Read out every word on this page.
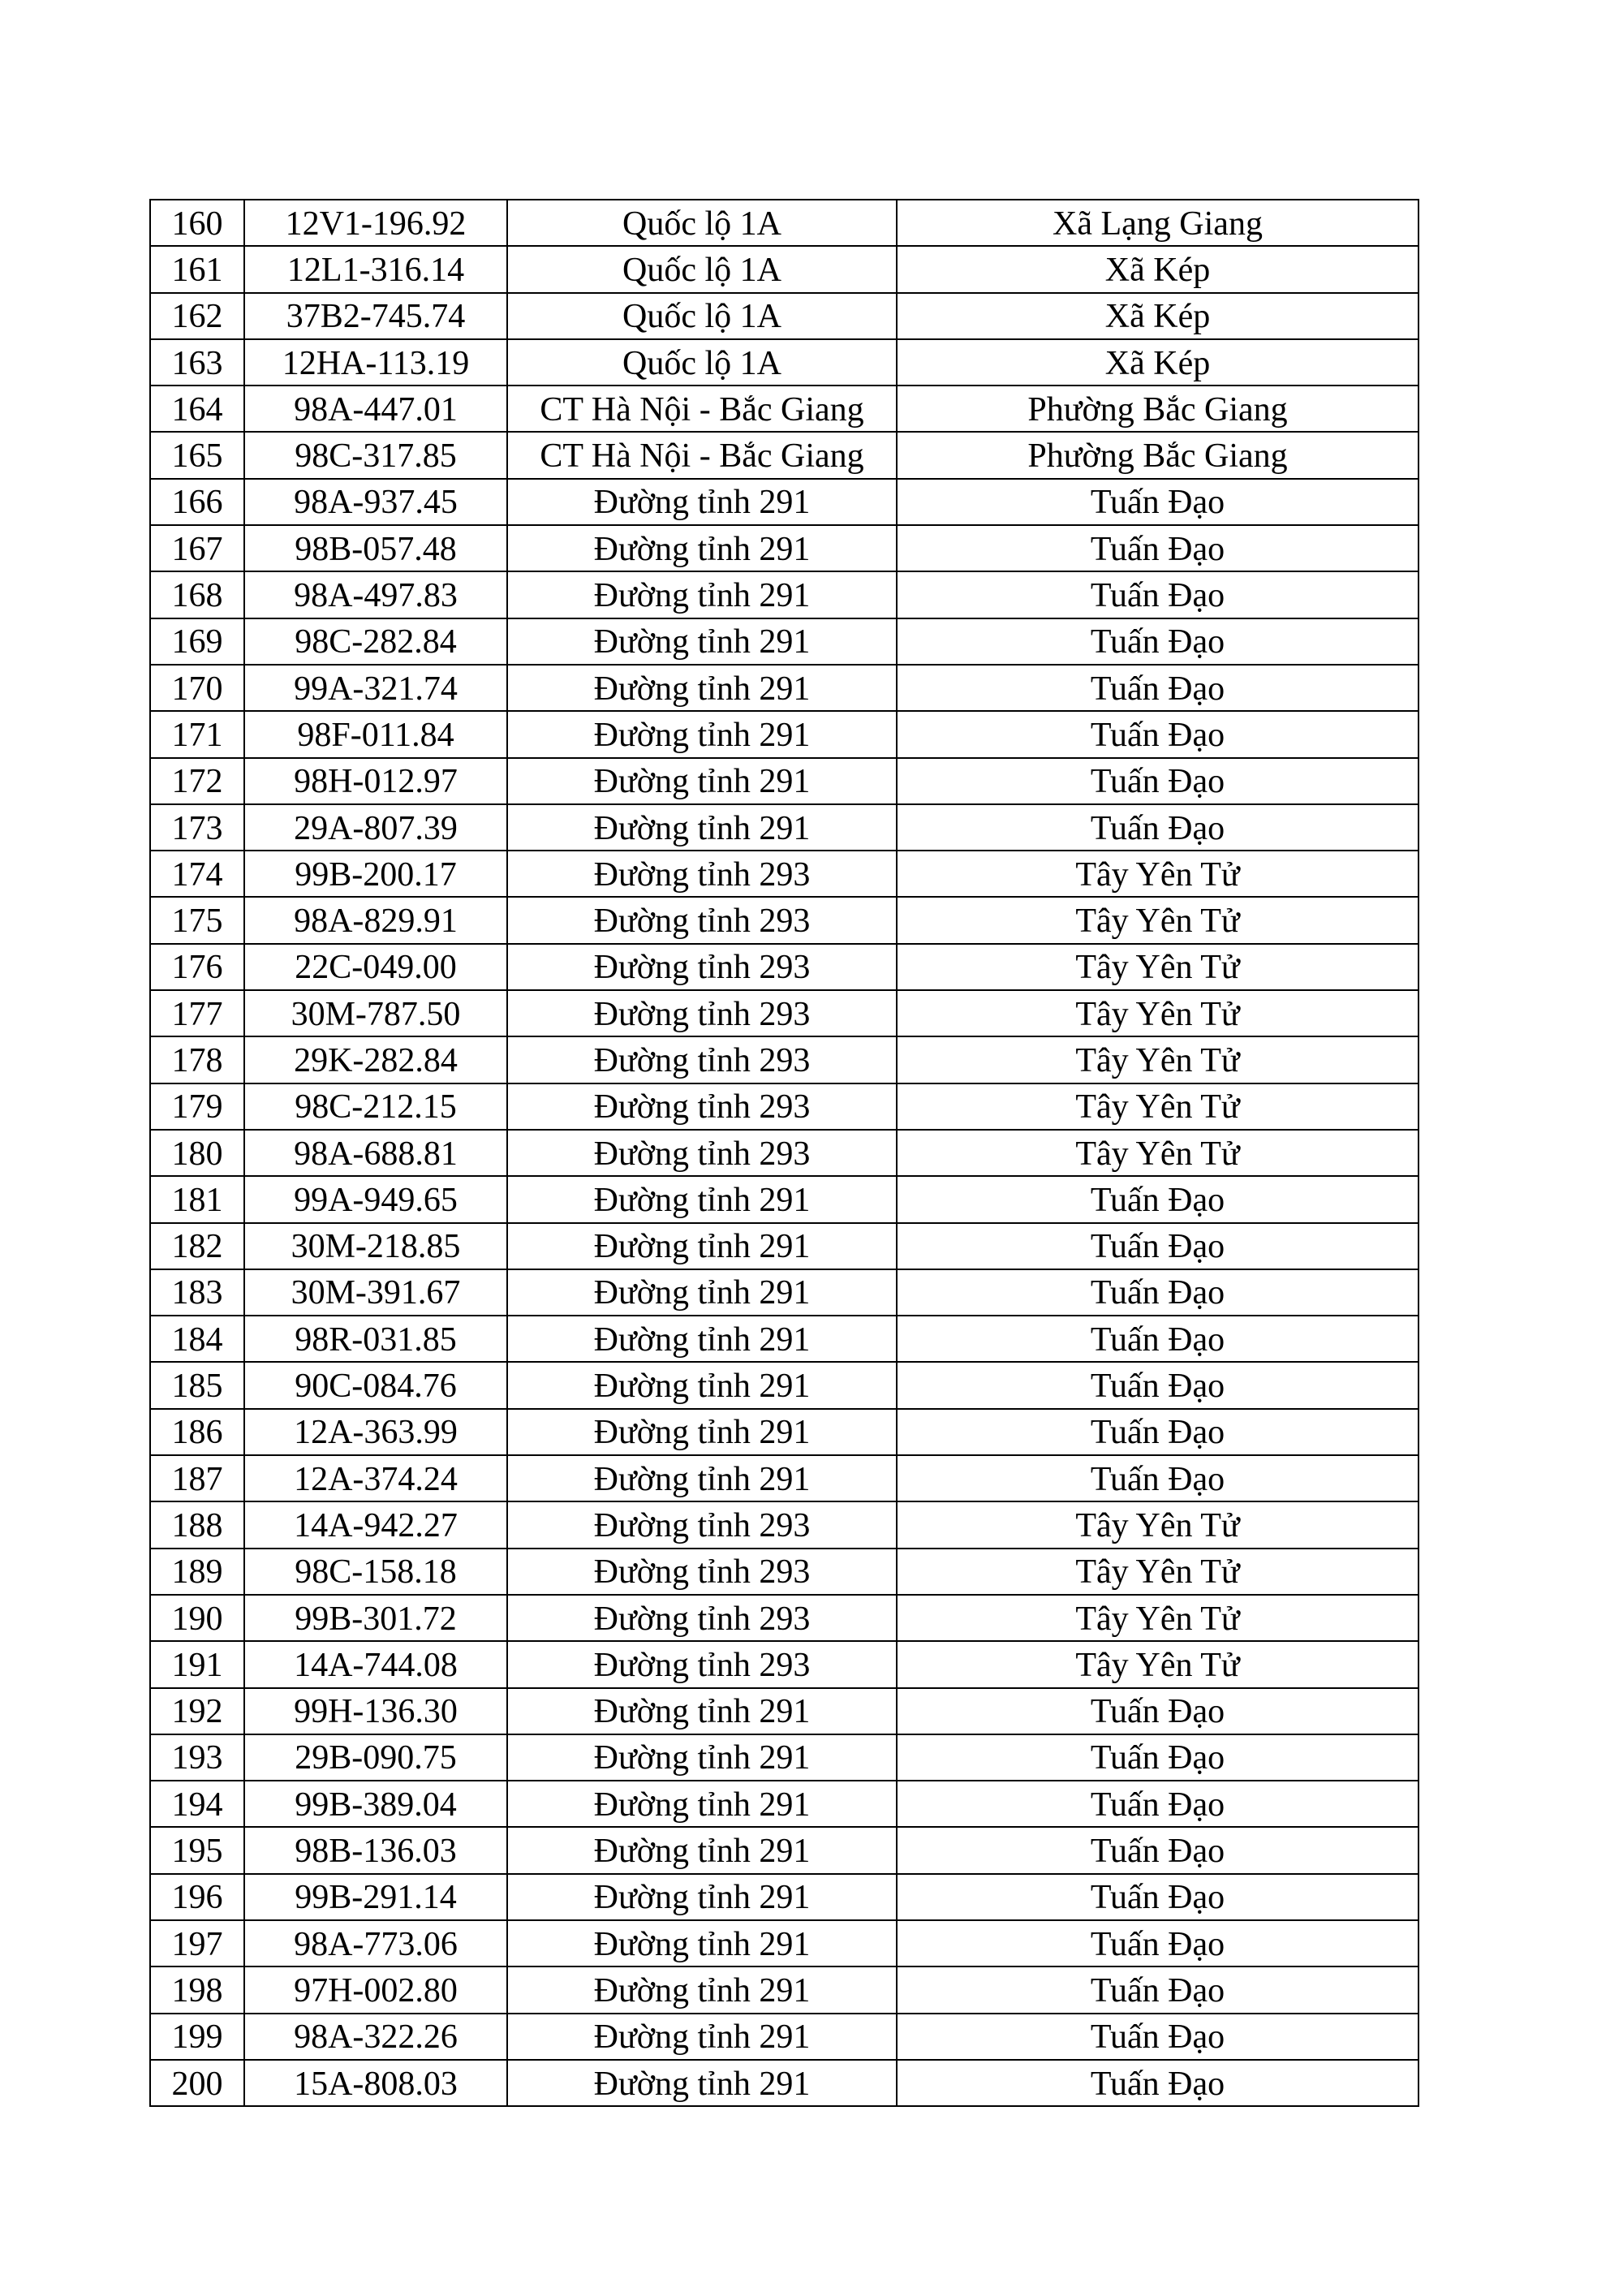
160	12V1-196.92	Quốc lộ 1A	Xã Lạng Giang
161	12L1-316.14	Quốc lộ 1A	Xã Kép
162	37B2-745.74	Quốc lộ 1A	Xã Kép
163	12HA-113.19	Quốc lộ 1A	Xã Kép
164	98A-447.01	CT Hà Nội - Bắc Giang	Phường Bắc Giang
165	98C-317.85	CT Hà Nội - Bắc Giang	Phường Bắc Giang
166	98A-937.45	Đường tỉnh 291	Tuấn Đạo
167	98B-057.48	Đường tỉnh 291	Tuấn Đạo
168	98A-497.83	Đường tỉnh 291	Tuấn Đạo
169	98C-282.84	Đường tỉnh 291	Tuấn Đạo
170	99A-321.74	Đường tỉnh 291	Tuấn Đạo
171	98F-011.84	Đường tỉnh 291	Tuấn Đạo
172	98H-012.97	Đường tỉnh 291	Tuấn Đạo
173	29A-807.39	Đường tỉnh 291	Tuấn Đạo
174	99B-200.17	Đường tỉnh 293	Tây Yên Tử
175	98A-829.91	Đường tỉnh 293	Tây Yên Tử
176	22C-049.00	Đường tỉnh 293	Tây Yên Tử
177	30M-787.50	Đường tỉnh 293	Tây Yên Tử
178	29K-282.84	Đường tỉnh 293	Tây Yên Tử
179	98C-212.15	Đường tỉnh 293	Tây Yên Tử
180	98A-688.81	Đường tỉnh 293	Tây Yên Tử
181	99A-949.65	Đường tỉnh 291	Tuấn Đạo
182	30M-218.85	Đường tỉnh 291	Tuấn Đạo
183	30M-391.67	Đường tỉnh 291	Tuấn Đạo
184	98R-031.85	Đường tỉnh 291	Tuấn Đạo
185	90C-084.76	Đường tỉnh 291	Tuấn Đạo
186	12A-363.99	Đường tỉnh 291	Tuấn Đạo
187	12A-374.24	Đường tỉnh 291	Tuấn Đạo
188	14A-942.27	Đường tỉnh 293	Tây Yên Tử
189	98C-158.18	Đường tỉnh 293	Tây Yên Tử
190	99B-301.72	Đường tỉnh 293	Tây Yên Tử
191	14A-744.08	Đường tỉnh 293	Tây Yên Tử
192	99H-136.30	Đường tỉnh 291	Tuấn Đạo
193	29B-090.75	Đường tỉnh 291	Tuấn Đạo
194	99B-389.04	Đường tỉnh 291	Tuấn Đạo
195	98B-136.03	Đường tỉnh 291	Tuấn Đạo
196	99B-291.14	Đường tỉnh 291	Tuấn Đạo
197	98A-773.06	Đường tỉnh 291	Tuấn Đạo
198	97H-002.80	Đường tỉnh 291	Tuấn Đạo
199	98A-322.26	Đường tỉnh 291	Tuấn Đạo
200	15A-808.03	Đường tỉnh 291	Tuấn Đạo
